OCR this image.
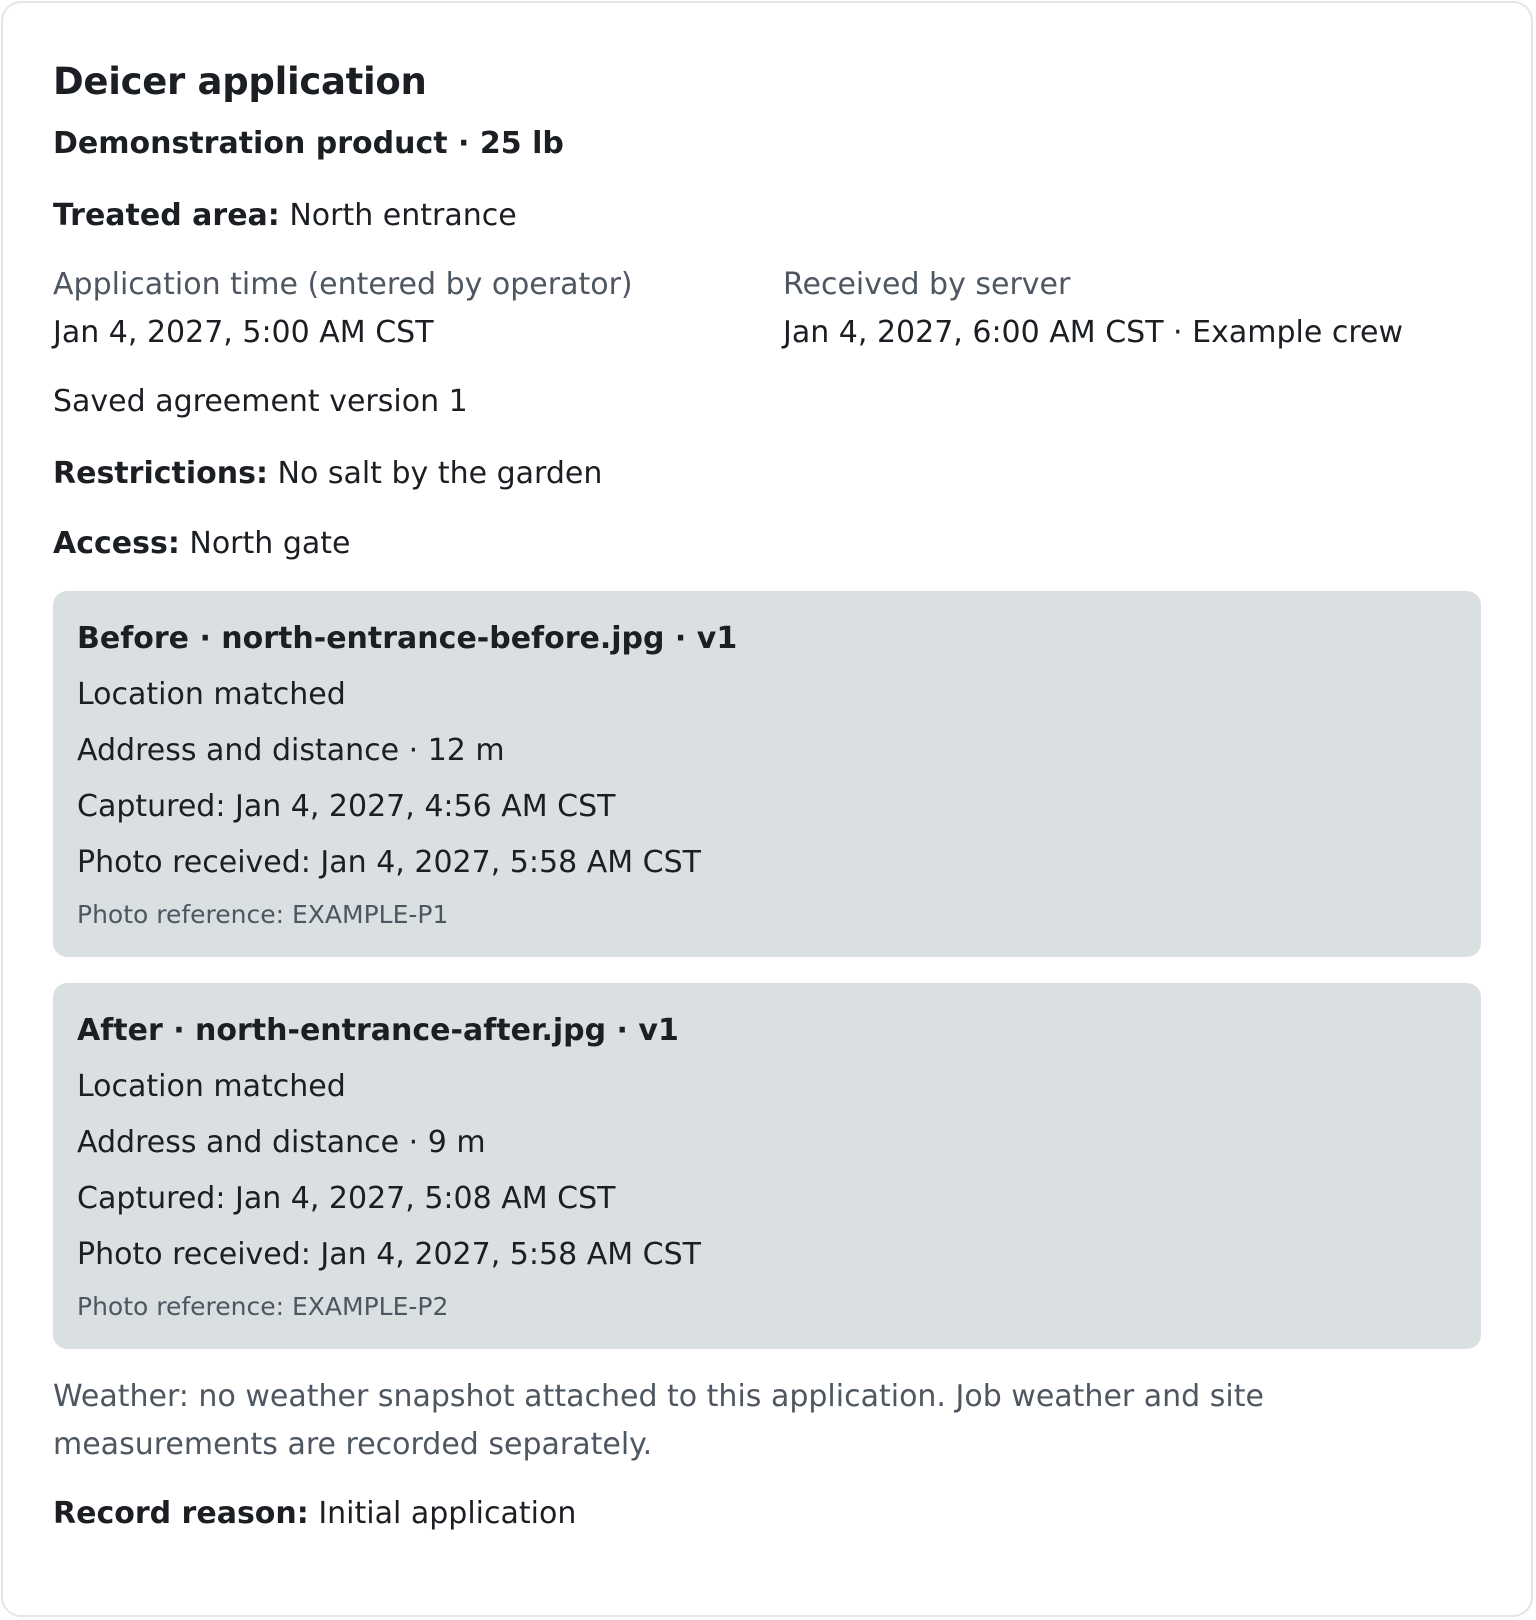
Deicer application
Demonstration product · 25 lb
Treated area: North entrance
Application time (entered by operator)
Jan 4, 2027, 5:00 AM CST
Received by server
Jan 4, 2027, 6:00 AM CST · Example crew
Saved agreement version 1
Restrictions: No salt by the garden
Access: North gate
Before · north-entrance-before.jpg · v1
Location matched
Address and distance · 12 m
Captured: Jan 4, 2027, 4:56 AM CST
Photo received: Jan 4, 2027, 5:58 AM CST
Photo reference: EXAMPLE-P1
After · north-entrance-after.jpg · v1
Location matched
Address and distance · 9 m
Captured: Jan 4, 2027, 5:08 AM CST
Photo received: Jan 4, 2027, 5:58 AM CST
Photo reference: EXAMPLE-P2
Weather: no weather snapshot attached to this application. Job weather and site measurements are recorded separately.
Record reason: Initial application
